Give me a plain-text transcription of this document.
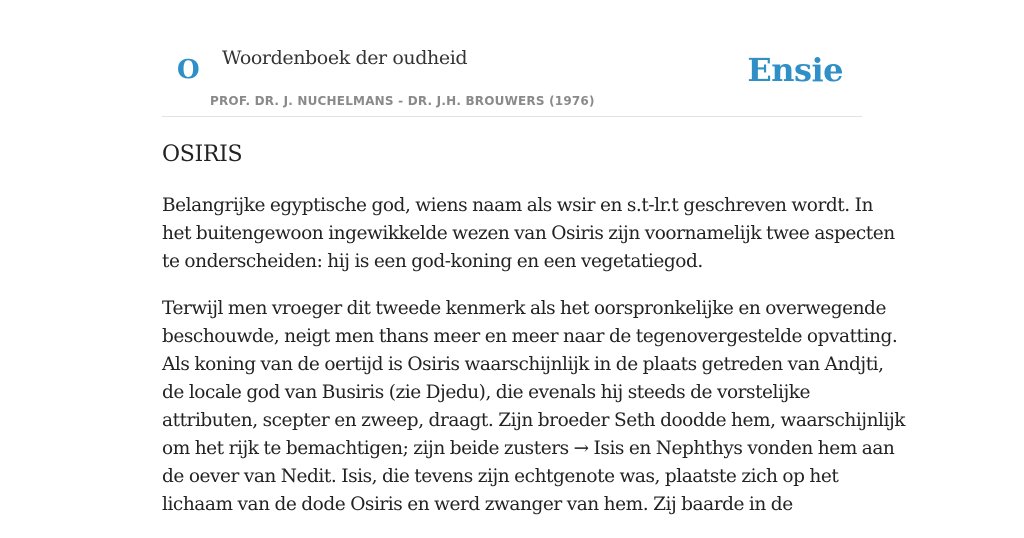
O Woordenboek der oudheid
PROF. DR. J. NUCHELMANS - DR. J.H. BROUWERS (1976)
Ensie
OSIRIS

Belangrijke egyptische god, wiens naam als wsir en s.t-lr.t geschreven wordt. In
het buitengewoon ingewikkelde wezen van Osiris zijn voornamelijk twee aspecten
te onderscheiden: hij is een god-koning en een vegetatiegod.

Terwijl men vroeger dit tweede kenmerk als het oorspronkelijke en overwegende
beschouwde, neigt men thans meer en meer naar de tegenovergestelde opvatting.
Als koning van de oertijd is Osiris waarschijnlijk in de plaats getreden van Andjti,
de locale god van Busiris (zie Djedu), die evenals hij steeds de vorstelijke
attributen, scepter en zweep, draagt. Zijn broeder Seth doodde hem, waarschijnlijk
om het rijk te bemachtigen; zijn beide zusters → Isis en Nephthys vonden hem aan
de oever van Nedit. Isis, die tevens zijn echtgenote was, plaatste zich op het
lichaam van de dode Osiris en werd zwanger van hem. Zij baarde in de
